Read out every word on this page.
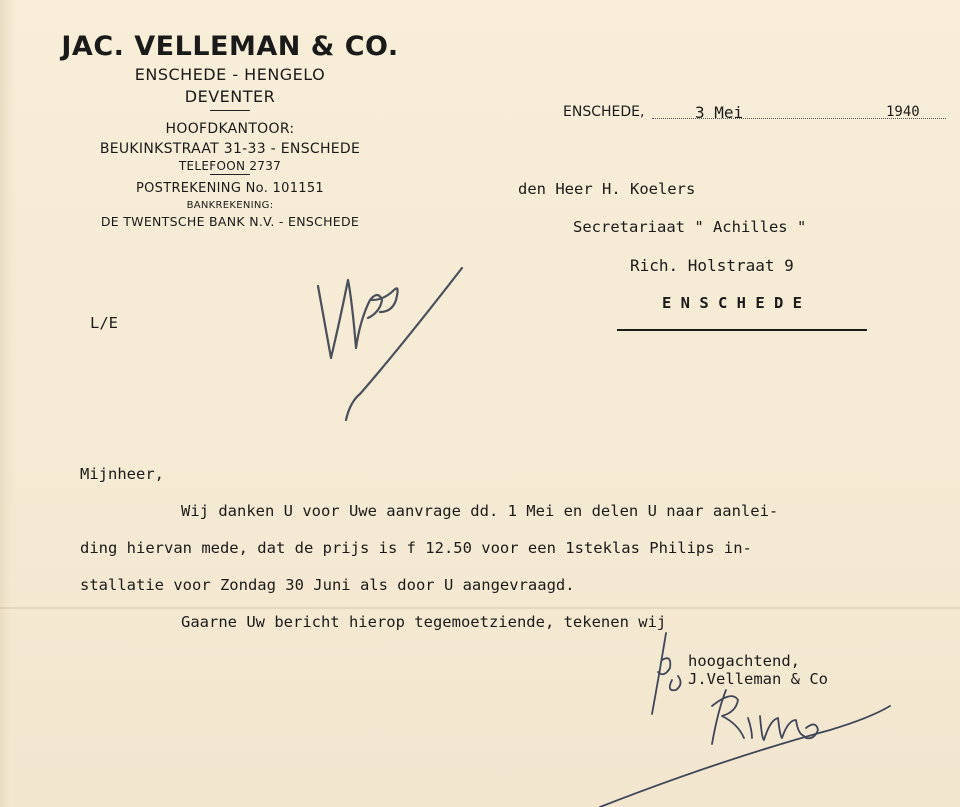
JAC. VELLEMAN & CO.
ENSCHEDE - HENGELO
DEVENTER
HOOFDKANTOOR:
BEUKINKSTRAAT 31-33 - ENSCHEDE
TELEFOON 2737
POSTREKENING No. 101151
BANKREKENING:
DE TWENTSCHE BANK N.V. - ENSCHEDE
ENSCHEDE,	3 Mei	1940
den Heer H. Koelers
Secretariaat " Achilles "
Rich. Holstraat 9
E N S C H E D E
L/E
Mijnheer,
Wij danken U voor Uwe aanvrage dd. 1 Mei en delen U naar aanlei-
ding hiervan mede, dat de prijs is f 12.50 voor een 1steklas Philips in-
stallatie voor Zondag 30 Juni als door U aangevraagd.
Gaarne Uw bericht hierop tegemoetziende, tekenen wij
hoogachtend,
J.Velleman & Co
